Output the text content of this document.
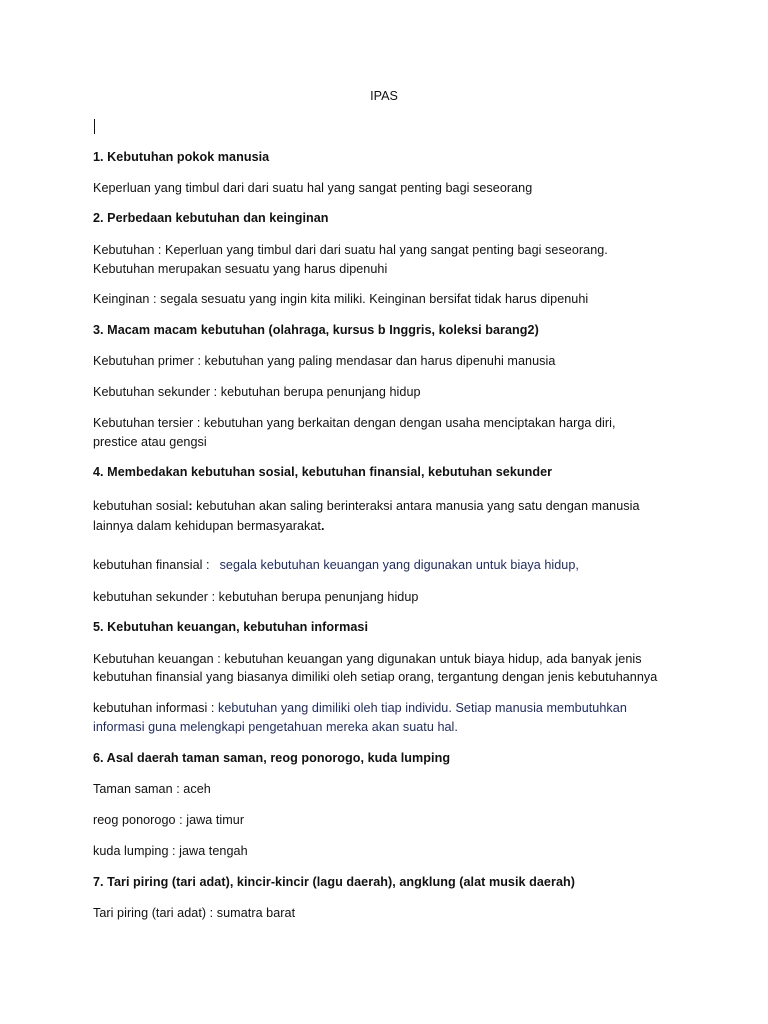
IPAS
1. Kebutuhan pokok manusia
Keperluan yang timbul dari dari suatu hal yang sangat penting bagi seseorang
2. Perbedaan kebutuhan dan keinginan
Kebutuhan : Keperluan yang timbul dari dari suatu hal yang sangat penting bagi seseorang.
Kebutuhan merupakan sesuatu yang harus dipenuhi
Keinginan : segala sesuatu yang ingin kita miliki. Keinginan bersifat tidak harus dipenuhi
3. Macam macam kebutuhan (olahraga, kursus b Inggris, koleksi barang2)
Kebutuhan primer : kebutuhan yang paling mendasar dan harus dipenuhi manusia
Kebutuhan sekunder : kebutuhan berupa penunjang hidup
Kebutuhan tersier : kebutuhan yang berkaitan dengan dengan usaha menciptakan harga diri,
prestice atau gengsi
4. Membedakan kebutuhan sosial, kebutuhan finansial, kebutuhan sekunder
kebutuhan sosial: kebutuhan akan saling berinteraksi antara manusia yang satu dengan manusia
lainnya dalam kehidupan bermasyarakat.
kebutuhan finansial : segala kebutuhan keuangan yang digunakan untuk biaya hidup,
kebutuhan sekunder : kebutuhan berupa penunjang hidup
5. Kebutuhan keuangan, kebutuhan informasi
Kebutuhan keuangan : kebutuhan keuangan yang digunakan untuk biaya hidup, ada banyak jenis
kebutuhan finansial yang biasanya dimiliki oleh setiap orang, tergantung dengan jenis kebutuhannya
kebutuhan informasi : kebutuhan yang dimiliki oleh tiap individu. Setiap manusia membutuhkan
informasi guna melengkapi pengetahuan mereka akan suatu hal.
6. Asal daerah taman saman, reog ponorogo, kuda lumping
Taman saman : aceh
reog ponorogo : jawa timur
kuda lumping : jawa tengah
7. Tari piring (tari adat), kincir-kincir (lagu daerah), angklung (alat musik daerah)
Tari piring (tari adat) : sumatra barat
